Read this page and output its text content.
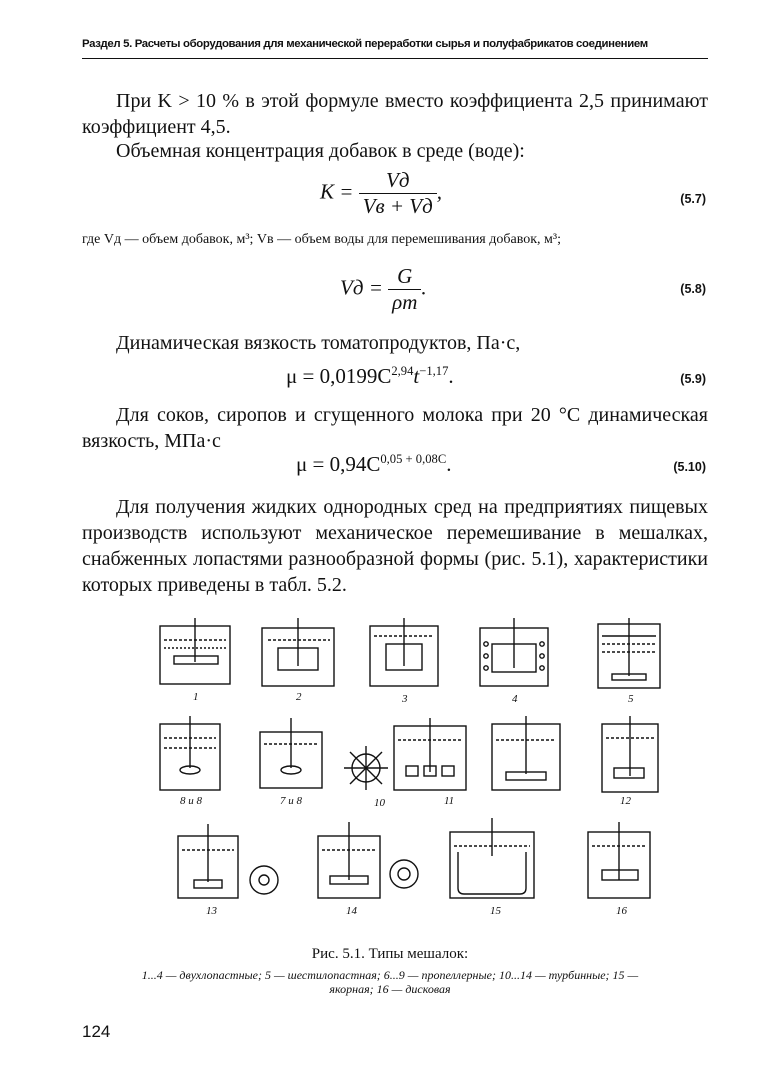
Раздел 5. Расчеты оборудования для механической переработки сырья и полуфабрикатов соединением
При K > 10 % в этой формуле вместо коэффициента 2,5 принимают коэффициент 4,5.
Объемная концентрация добавок в среде (воде):
$K = \frac{Vд}{Vв + Vд}$ ,	(5.7)
где Vд — объем добавок, м³; Vв — объем воды для перемешивания добавок, м³;
Vд = $\frac{G}{\rho т}$ .	(5.8)
Динамическая вязкость томатопродуктов, Па·с,
$\mu = 0,0199C^{2,94}t^{-1,17}$.	(5.9)
Для соков, сиропов и сгущенного молока при 20 °С динамическая вязкость, МПа·с
$\mu = 0,94C^{0,05 + 0,08C}$.	(5.10)
Для получения жидких однородных сред на предприятиях пищевых производств используют механическое перемешивание в мешалках, снабженных лопастями разнообразной формы (рис. 5.1), характеристики которых приведены в табл. 5.2.
1	2	3	4	5
8 и 8	7 и 8	10	11	12
13	14	15	16
Рис. 5.1. Типы мешалок:
1...4 — двухлопастные; 5 — шестилопастная; 6...9 — пропеллерные; 10...14 — турбинные; 15 — якорная; 16 — дисковая
124
